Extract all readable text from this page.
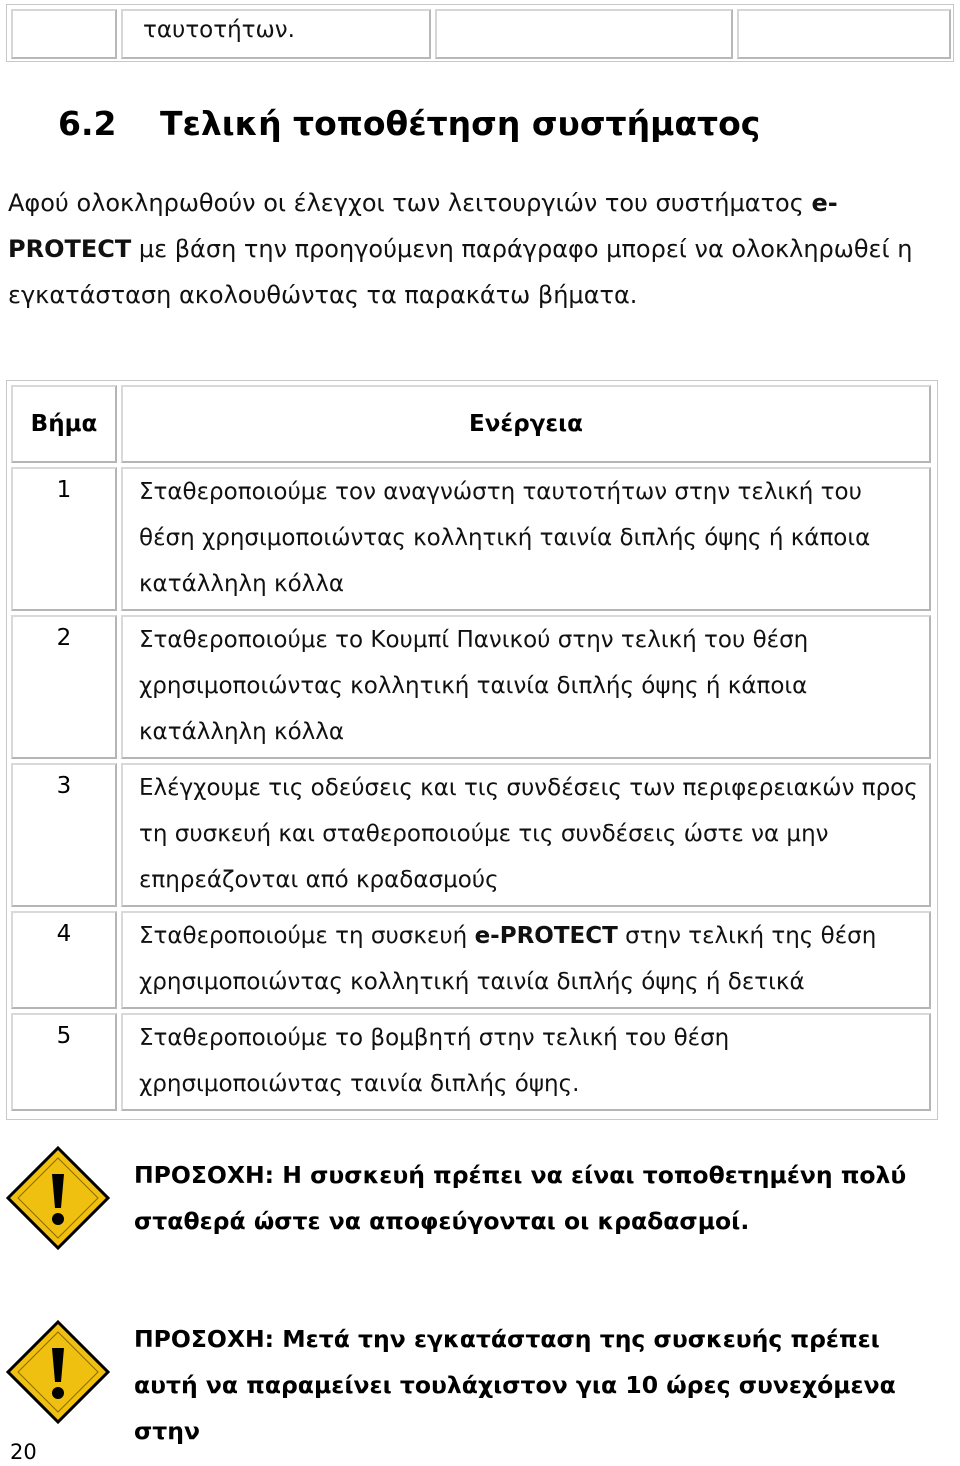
ταυτοτήτων.
6.2 Τελική τοποθέτηση συστήματος
Αφού ολοκληρωθούν οι έλεγχοι των λειτουργιών του συστήματος e-PROTECT με βάση την προηγούμενη παράγραφο μπορεί να ολοκληρωθεί η εγκατάσταση ακολουθώντας τα παρακάτω βήματα.
Βήμα	Ενέργεια
1	Σταθεροποιούμε τον αναγνώστη ταυτοτήτων στην τελική του θέση χρησιμοποιώντας κολλητική ταινία διπλής όψης ή κάποια κατάλληλη κόλλα
2	Σταθεροποιούμε το Κουμπί Πανικού στην τελική του θέση χρησιμοποιώντας κολλητική ταινία διπλής όψης ή κάποια κατάλληλη κόλλα
3	Ελέγχουμε τις οδεύσεις και τις συνδέσεις των περιφερειακών προς τη συσκευή και σταθεροποιούμε τις συνδέσεις ώστε να μην επηρεάζονται από κραδασμούς
4	Σταθεροποιούμε τη συσκευή e-PROTECT στην τελική της θέση χρησιμοποιώντας κολλητική ταινία διπλής όψης ή δετικά
5	Σταθεροποιούμε το βομβητή στην τελική του θέση χρησιμοποιώντας ταινία διπλής όψης.
ΠΡΟΣΟΧΗ: Η συσκευή πρέπει να είναι τοποθετημένη πολύ σταθερά ώστε να αποφεύγονται οι κραδασμοί.
ΠΡΟΣΟΧΗ: Μετά την εγκατάσταση της συσκευής πρέπει αυτή να παραμείνει τουλάχιστον για 10 ώρες συνεχόμενα στην
20
